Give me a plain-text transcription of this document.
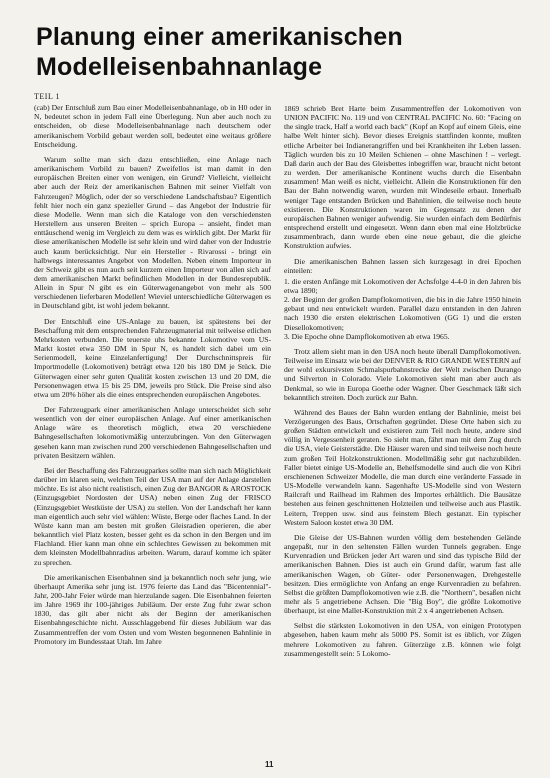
Planung einer amerikanischen
Modelleisenbahnanlage
TEIL 1

(cab) Der Entschluß zum Bau einer Modelleisenbahnanlage, ob in H0 oder in N, bedeutet schon in jedem Fall eine Überlegung. Nun aber auch noch zu entscheiden, ob diese Modelleisenbahnanlage nach deutschem oder amerikanischem Vorbild gebaut werden soll, bedeutet eine weitaus größere Entscheidung.

Warum sollte man sich dazu entschließen, eine Anlage nach amerikanischem Vorbild zu bauen? Zweifellos ist man damit in den europäischen Breiten einer von wenigen, ein Grund? Vielleicht, vielleicht aber auch der Reiz der amerikanischen Bahnen mit seiner Vielfalt von Fahrzeugen? Möglich, oder der so verschiedene Landschaftsbau? Eigentlich fehlt hier noch ein ganz spezieller Grund – das Angebot der Industrie für diese Modelle. Wenn man sich die Kataloge von den verschiedensten Herstellern aus unseren Breiten – sprich Europa – ansieht, findet man enttäuschend wenig im Vergleich zu dem was es wirklich gibt. Der Markt für diese amerikanischen Modelle ist sehr klein und wird daher von der Industrie auch kaum berücksichtigt. Nur ein Hersteller - Rivarossi - bringt ein halbwegs interessantes Angebot von Modellen. Neben einem Importeur in der Schweiz gibt es nun auch seit kurzem einen Importeur von allen sich auf dem amerikanischen Markt befindlichen Modellen in der Bundesrepublik. Allein in Spur N gibt es ein Güterwagenangebot von mehr als 500 verschiedenen lieferbaren Modellen! Wieviel unterschiedliche Güterwagen es in Deutschland gibt, ist wohl jedem bekannt.

Der Entschluß eine US-Anlage zu bauen, ist spätestens bei der Beschaffung mit dem entsprechenden Fahrzeugmaterial mit teilweise etlichen Mehrkosten verbunden. Die teuerste uhs bekannte Lokomotive vom US-Markt kostet etwa 350 DM in Spur N, es handelt sich dabei um ein Serienmodell, keine Einzelanfertigung! Der Durchschnittspreis für Importmodelle (Lokomotiven) beträgt etwa 120 bis 180 DM je Stück. Die Güterwagen einer sehr guten Qualität kosten zwischen 13 und 20 DM, die Personenwagen etwa 15 bis 25 DM, jeweils pro Stück. Die Preise sind also etwa um 20% höher als die eines entsprechenden europäischen Angebotes.

Der Fahrzeugpark einer amerikanischen Anlage unterscheidet sich sehr wesentlich von der einer europäischen Anlage. Auf einer amerikanischen Anlage wäre es theoretisch möglich, etwa 20 verschiedene Bahngesellschaften lokomotivmäßig unterzubringen. Von den Güterwagen gesehen kann man zwischen rund 200 verschiedenen Bahngesellschaften und privaten Besitzern wählen.

Bei der Beschaffung des Fahrzeugparkes sollte man sich nach Möglichkeit darüber im klaren sein, welchen Teil der USA man auf der Anlage darstellen möchte. Es ist also nicht realistisch, einen Zug der BANGOR & AROSTOCK (Einzugsgebiet Nordosten der USA) neben einen Zug der FRISCO (Einzugsgebiet Westküste der USA) zu stellen. Von der Landschaft her kann man eigentlich auch sehr viel wählen: Wüste, Berge oder flaches Land. In der Wüste kann man am besten mit großen Gleisradien operieren, die aber bekanntlich viel Platz kosten, besser geht es da schon in den Bergen und im Flachland. Hier kann man ohne ein schlechtes Gewissen zu bekommen mit dem kleinsten Modellbahnradius arbeiten. Warum, darauf komme ich später zu sprechen.

Die amerikanischen Eisenbahnen sind ja bekanntlich noch sehr jung, wie überhaupt Amerika sehr jung ist. 1976 feierte das Land das "Bicentennial"-Jahr, 200-Jahr Feier würde man hierzulande sagen. Die Eisenbahnen feierten im Jahre 1969 ihr 100-jähriges Jubiläum. Der erste Zug fuhr zwar schon 1830, das gilt aber nicht als der Beginn der amerikanischen Eisenbahngeschichte nicht. Ausschlaggebend für dieses Jubiläum war das Zusammentreffen der vom Osten und vom Westen begonnenen Bahnlinie in Promotory im Bundesstaat Utah. Im Jahre

1869 schrieb Bret Harte beim Zusammentreffen der Lokomotiven von UNION PACIFIC No. 119 und von CENTRAL PACIFIC No. 60: "Facing on the single track, Half a world each back" (Kopf an Kopf auf einem Gleis, eine halbe Welt hinter sich). Bevor dieses Ereignis stattfinden konnte, mußten etliche Arbeiter bei Indianerangriffen und bei Krankheiten ihr Leben lassen. Täglich wurden bis zu 10 Meilen Schienen – ohne Maschinen ! – verlegt. Daß darin auch der Bau des Gleisbettes inbegriffen war, braucht nicht betont zu werden. Der amerikanische Kontinent wuchs durch die Eisenbahn zusammen! Man weiß es nicht, vielleicht. Allein die Konstruktionen für den Bau der Bahn notwendig waren, wurden mit Windeseile erbaut. Innerhalb weniger Tage entstanden Brücken und Bahnlinien, die teilweise noch heute existieren. Die Konstruktionen waren im Gegensatz zu denen der europäischen Bahnen weniger aufwendig. Sie wurden einfach dem Bedürfnis entsprechend erstellt und eingesetzt. Wenn dann eben mal eine Holzbrücke zusammenbrach, dann wurde eben eine neue gebaut, die die gleiche Konstruktion aufwies.

Die amerikanischen Bahnen lassen sich kurzgesagt in drei Epochen einteilen:

1. die ersten Anfänge mit Lokomotiven der Achsfolge 4-4-0 in den Jahren bis etwa 1890;

2. der Beginn der großen Dampflokomotiven, die bis in die Jahre 1950 hinein gebaut und neu entwickelt wurden. Parallel dazu entstanden in den Jahren nach 1930 die ersten elektrischen Lokomotiven (GG 1) und die ersten Diesellokomotiven;

3. Die Epoche ohne Dampflokomotiven ab etwa 1965.

Trotz allem sieht man in den USA noch heute überall Dampflokomotiven. Teilweise im Einsatz wie bei der DENVER & RIO GRANDE WESTERN auf der wohl exkursivsten Schmalspurbahnstrecke der Welt zwischen Durango und Silverton in Colorado. Viele Lokomotiven sieht man aber auch als Denkmal, so wie in Europa Goethe oder Wagner. Über Geschmack läßt sich bekanntlich streiten. Doch zurück zur Bahn.

Während des Baues der Bahn wurden entlang der Bahnlinie, meist bei Verzögerungen des Baus, Ortschaften gegründet. Diese Orte haben sich zu großen Städten entwickelt und existieren zum Teil noch heute, andere sind völlig in Vergessenheit geraten. So sieht man, fährt man mit dem Zug durch die USA, viele Geisterstädte. Die Häuser waren und sind teilweise noch heute zum großen Teil Holzkonstruktionen. Modellmäßig sehr gut nachzubilden. Faller bietet einige US-Modelle an, Behelfsmodelle sind auch die von Kibri erschienenen Schweizer Modelle, die man durch eine veränderte Fassade in US-Modelle verwandeln kann. Sagenhafte US-Modelle sind von Western Railcraft und Railhead im Rahmen des Importes erhältlich. Die Bausätze bestehen aus feinen geschnittenen Holzteilen und teilweise auch aus Plastik. Leitern, Treppen usw. sind aus feinstem Blech gestanzt. Ein typischer Western Saloon kostet etwa 30 DM.

Die Gleise der US-Bahnen wurden völlig dem bestehenden Gelände angepaßt, nur in den seltensten Fällen wurden Tunnels gegraben. Enge Kurvenradien und Brücken jeder Art waren und sind das typische Bild der amerikanischen Bahnen. Dies ist auch ein Grund dafür, warum fast alle amerikanischen Wagen, ob Güter- oder Personenwagen, Drehgestelle besitzen. Dies ermöglichte von Anfang an enge Kurvenradien zu befahren. Selbst die größten Dampflokomotiven wie z.B. die "Northern", besaßen nicht mehr als 5 angetriebene Achsen. Die "Big Boy", die größte Lokomotive überhaupt, ist eine Mallet-Konstruktion mit 2 x 4 angetriebenen Achsen.

Selbst die stärksten Lokomotiven in den USA, von einigen Prototypen abgesehen, haben kaum mehr als 5000 PS. Somit ist es üblich, vor Zügen mehrere Lokomotiven zu fahren. Güterzüge z.B. können wie folgt zusammengestellt sein: 5 Lokomo-

11
